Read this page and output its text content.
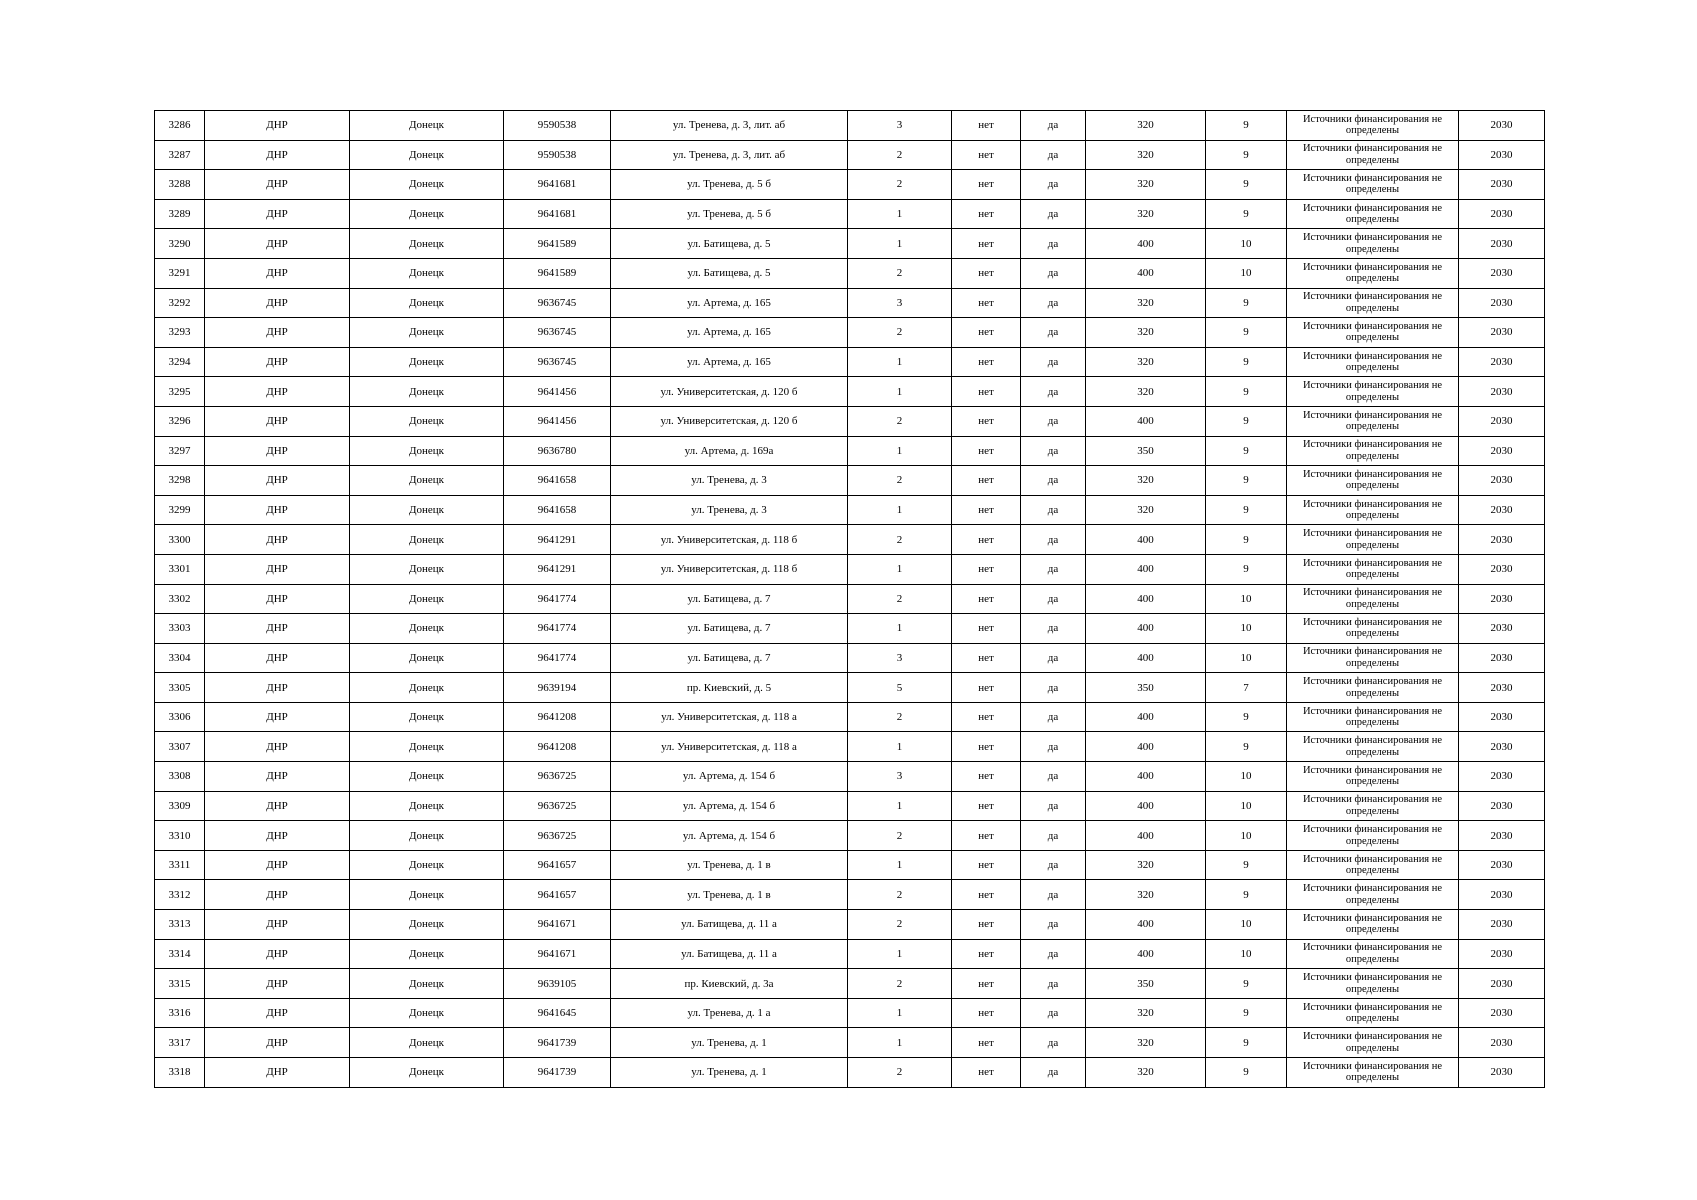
3286	ДНР	Донецк	9590538	ул. Тренева, д. 3, лит. аб	3	нет	да	320	9	Источники финансирования не определены	2030
3287	ДНР	Донецк	9590538	ул. Тренева, д. 3, лит. аб	2	нет	да	320	9	Источники финансирования не определены	2030
3288	ДНР	Донецк	9641681	ул. Тренева, д. 5 б	2	нет	да	320	9	Источники финансирования не определены	2030
3289	ДНР	Донецк	9641681	ул. Тренева, д. 5 б	1	нет	да	320	9	Источники финансирования не определены	2030
3290	ДНР	Донецк	9641589	ул. Батищева, д. 5	1	нет	да	400	10	Источники финансирования не определены	2030
3291	ДНР	Донецк	9641589	ул. Батищева, д. 5	2	нет	да	400	10	Источники финансирования не определены	2030
3292	ДНР	Донецк	9636745	ул. Артема, д. 165	3	нет	да	320	9	Источники финансирования не определены	2030
3293	ДНР	Донецк	9636745	ул. Артема, д. 165	2	нет	да	320	9	Источники финансирования не определены	2030
3294	ДНР	Донецк	9636745	ул. Артема, д. 165	1	нет	да	320	9	Источники финансирования не определены	2030
3295	ДНР	Донецк	9641456	ул. Университетская, д. 120 б	1	нет	да	320	9	Источники финансирования не определены	2030
3296	ДНР	Донецк	9641456	ул. Университетская, д. 120 б	2	нет	да	400	9	Источники финансирования не определены	2030
3297	ДНР	Донецк	9636780	ул. Артема, д. 169а	1	нет	да	350	9	Источники финансирования не определены	2030
3298	ДНР	Донецк	9641658	ул. Тренева, д. 3	2	нет	да	320	9	Источники финансирования не определены	2030
3299	ДНР	Донецк	9641658	ул. Тренева, д. 3	1	нет	да	320	9	Источники финансирования не определены	2030
3300	ДНР	Донецк	9641291	ул. Университетская, д. 118 б	2	нет	да	400	9	Источники финансирования не определены	2030
3301	ДНР	Донецк	9641291	ул. Университетская, д. 118 б	1	нет	да	400	9	Источники финансирования не определены	2030
3302	ДНР	Донецк	9641774	ул. Батищева, д. 7	2	нет	да	400	10	Источники финансирования не определены	2030
3303	ДНР	Донецк	9641774	ул. Батищева, д. 7	1	нет	да	400	10	Источники финансирования не определены	2030
3304	ДНР	Донецк	9641774	ул. Батищева, д. 7	3	нет	да	400	10	Источники финансирования не определены	2030
3305	ДНР	Донецк	9639194	пр. Киевский, д. 5	5	нет	да	350	7	Источники финансирования не определены	2030
3306	ДНР	Донецк	9641208	ул. Университетская, д. 118 а	2	нет	да	400	9	Источники финансирования не определены	2030
3307	ДНР	Донецк	9641208	ул. Университетская, д. 118 а	1	нет	да	400	9	Источники финансирования не определены	2030
3308	ДНР	Донецк	9636725	ул. Артема, д. 154 б	3	нет	да	400	10	Источники финансирования не определены	2030
3309	ДНР	Донецк	9636725	ул. Артема, д. 154 б	1	нет	да	400	10	Источники финансирования не определены	2030
3310	ДНР	Донецк	9636725	ул. Артема, д. 154 б	2	нет	да	400	10	Источники финансирования не определены	2030
3311	ДНР	Донецк	9641657	ул. Тренева, д. 1 в	1	нет	да	320	9	Источники финансирования не определены	2030
3312	ДНР	Донецк	9641657	ул. Тренева, д. 1 в	2	нет	да	320	9	Источники финансирования не определены	2030
3313	ДНР	Донецк	9641671	ул. Батищева, д. 11 а	2	нет	да	400	10	Источники финансирования не определены	2030
3314	ДНР	Донецк	9641671	ул. Батищева, д. 11 а	1	нет	да	400	10	Источники финансирования не определены	2030
3315	ДНР	Донецк	9639105	пр. Киевский, д. 3а	2	нет	да	350	9	Источники финансирования не определены	2030
3316	ДНР	Донецк	9641645	ул. Тренева, д. 1 а	1	нет	да	320	9	Источники финансирования не определены	2030
3317	ДНР	Донецк	9641739	ул. Тренева, д. 1	1	нет	да	320	9	Источники финансирования не определены	2030
3318	ДНР	Донецк	9641739	ул. Тренева, д. 1	2	нет	да	320	9	Источники финансирования не определены	2030
